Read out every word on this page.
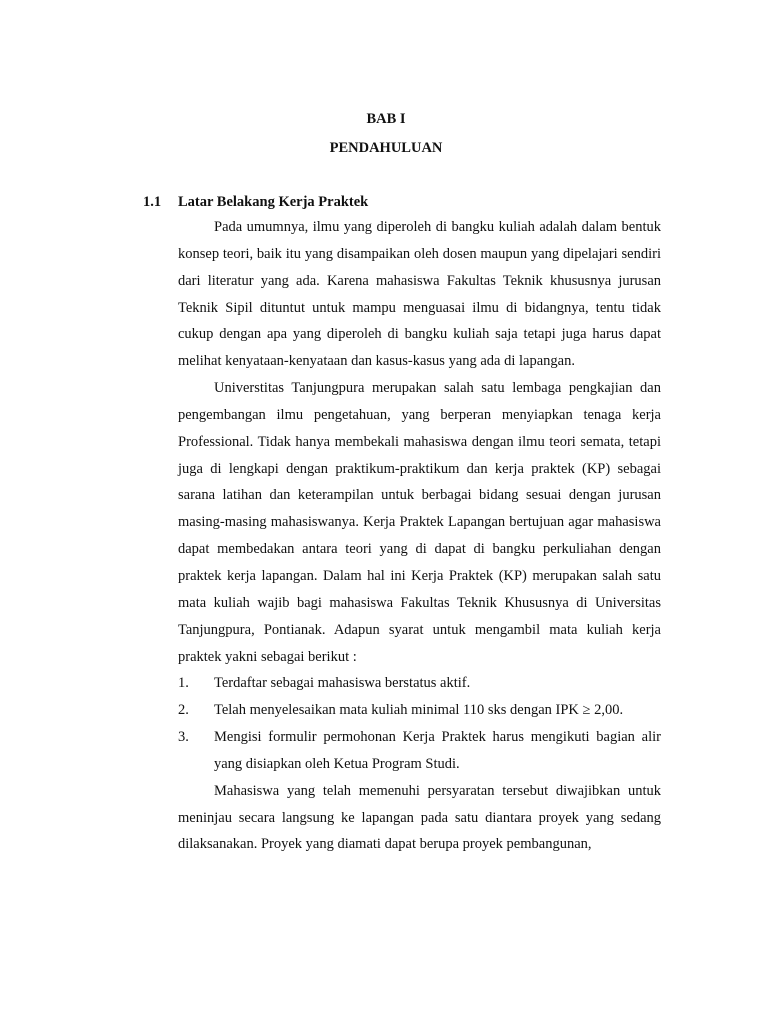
BAB I
PENDAHULUAN
1.1 Latar Belakang Kerja Praktek

Pada umumnya, ilmu yang diperoleh di bangku kuliah adalah dalam bentuk konsep teori, baik itu yang disampaikan oleh dosen maupun yang dipelajari sendiri dari literatur yang ada. Karena mahasiswa Fakultas Teknik khususnya jurusan Teknik Sipil dituntut untuk mampu menguasai ilmu di bidangnya, tentu tidak cukup dengan apa yang diperoleh di bangku kuliah saja tetapi juga harus dapat melihat kenyataan-kenyataan dan kasus-kasus yang ada di lapangan.

Universtitas Tanjungpura merupakan salah satu lembaga pengkajian dan pengembangan ilmu pengetahuan, yang berperan menyiapkan tenaga kerja Professional. Tidak hanya membekali mahasiswa dengan ilmu teori semata, tetapi juga di lengkapi dengan praktikum-praktikum dan kerja praktek (KP) sebagai sarana latihan dan keterampilan untuk berbagai bidang sesuai dengan jurusan masing-masing mahasiswanya. Kerja Praktek Lapangan bertujuan agar mahasiswa dapat membedakan antara teori yang di dapat di bangku perkuliahan dengan praktek kerja lapangan. Dalam hal ini Kerja Praktek (KP) merupakan salah satu mata kuliah wajib bagi mahasiswa Fakultas Teknik Khususnya di Universitas Tanjungpura, Pontianak. Adapun syarat untuk mengambil mata kuliah kerja praktek yakni sebagai berikut :

1. Terdaftar sebagai mahasiswa berstatus aktif.
2. Telah menyelesaikan mata kuliah minimal 110 sks dengan IPK ≥ 2,00.
3. Mengisi formulir permohonan Kerja Praktek harus mengikuti bagian alir yang disiapkan oleh Ketua Program Studi.

Mahasiswa yang telah memenuhi persyaratan tersebut diwajibkan untuk meninjau secara langsung ke lapangan pada satu diantara proyek yang sedang dilaksanakan. Proyek yang diamati dapat berupa proyek pembangunan,
